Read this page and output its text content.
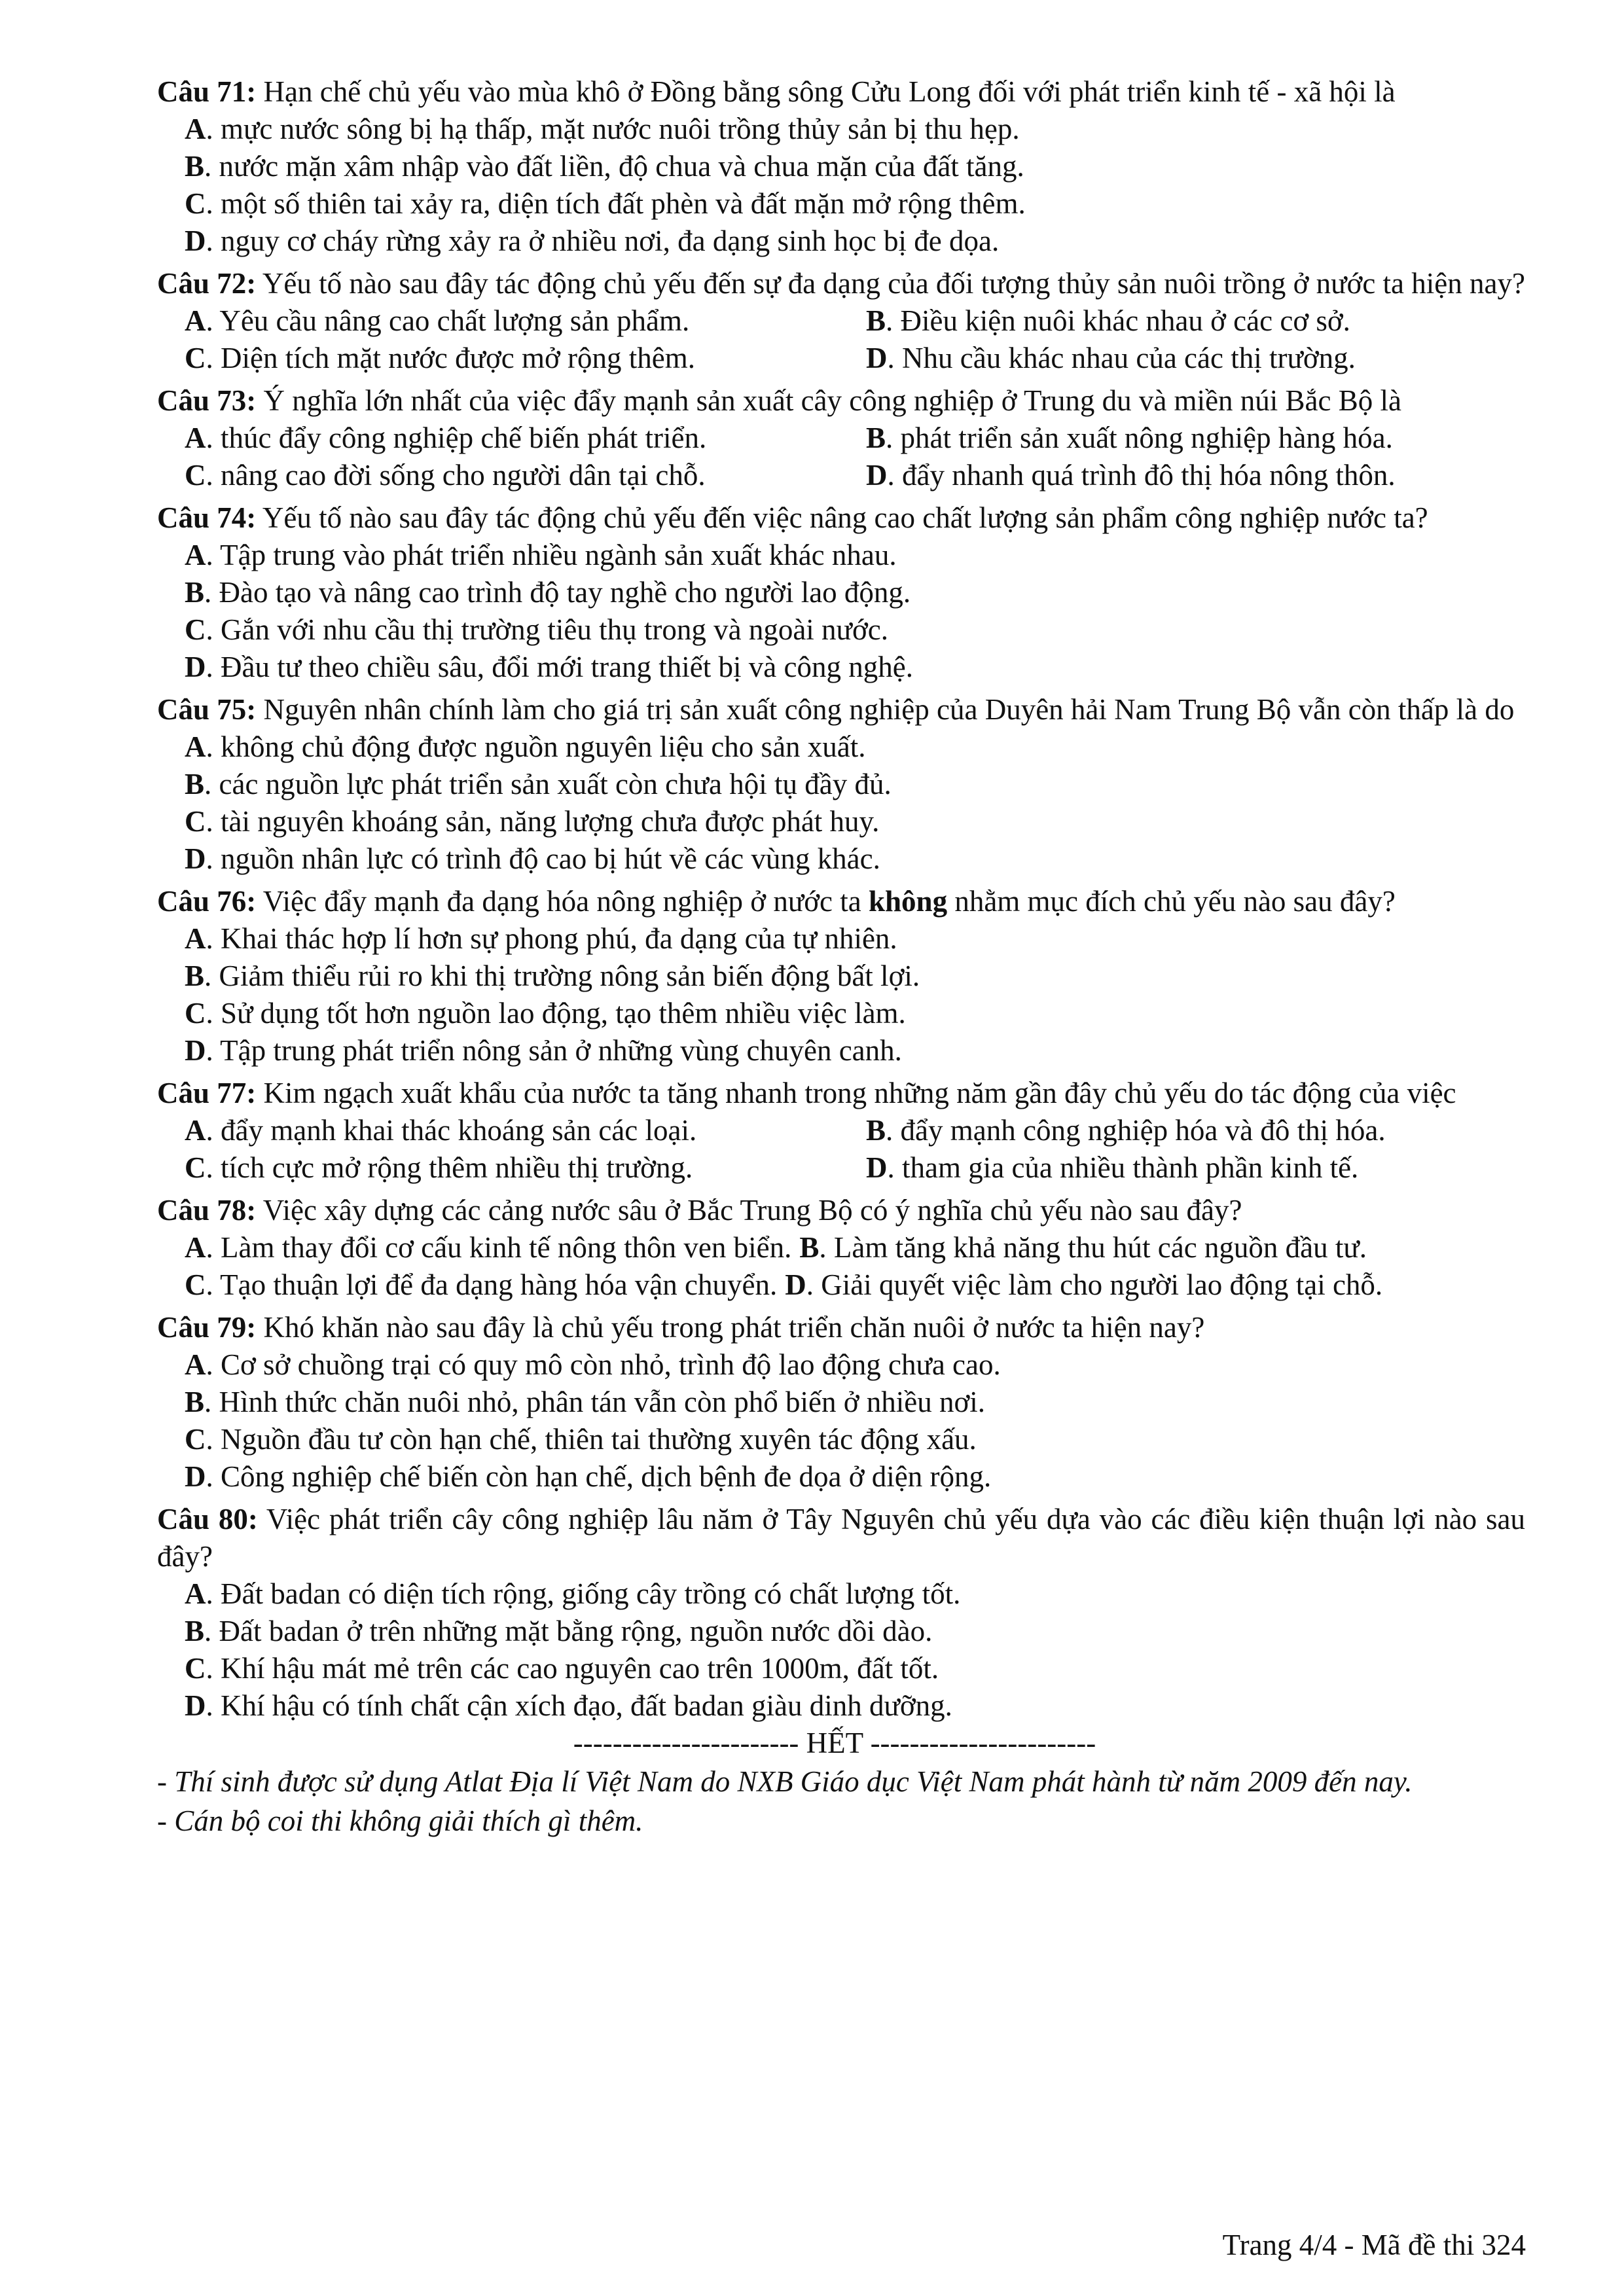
Câu 71: Hạn chế chủ yếu vào mùa khô ở Đồng bằng sông Cửu Long đối với phát triển kinh tế - xã hội là

A. mực nước sông bị hạ thấp, mặt nước nuôi trồng thủy sản bị thu hẹp.

B. nước mặn xâm nhập vào đất liền, độ chua và chua mặn của đất tăng.

C. một số thiên tai xảy ra, diện tích đất phèn và đất mặn mở rộng thêm.

D. nguy cơ cháy rừng xảy ra ở nhiều nơi, đa dạng sinh học bị đe dọa.

Câu 72: Yếu tố nào sau đây tác động chủ yếu đến sự đa dạng của đối tượng thủy sản nuôi trồng ở nước ta hiện nay?

A. Yêu cầu nâng cao chất lượng sản phẩm.	B. Điều kiện nuôi khác nhau ở các cơ sở.
C. Diện tích mặt nước được mở rộng thêm.	D. Nhu cầu khác nhau của các thị trường.

Câu 73: Ý nghĩa lớn nhất của việc đẩy mạnh sản xuất cây công nghiệp ở Trung du và miền núi Bắc Bộ là

A. thúc đẩy công nghiệp chế biến phát triển.	B. phát triển sản xuất nông nghiệp hàng hóa.
C. nâng cao đời sống cho người dân tại chỗ.	D. đẩy nhanh quá trình đô thị hóa nông thôn.

Câu 74: Yếu tố nào sau đây tác động chủ yếu đến việc nâng cao chất lượng sản phẩm công nghiệp nước ta?

A. Tập trung vào phát triển nhiều ngành sản xuất khác nhau.

B. Đào tạo và nâng cao trình độ tay nghề cho người lao động.

C. Gắn với nhu cầu thị trường tiêu thụ trong và ngoài nước.

D. Đầu tư theo chiều sâu, đổi mới trang thiết bị và công nghệ.

Câu 75: Nguyên nhân chính làm cho giá trị sản xuất công nghiệp của Duyên hải Nam Trung Bộ vẫn còn thấp là do

A. không chủ động được nguồn nguyên liệu cho sản xuất.

B. các nguồn lực phát triển sản xuất còn chưa hội tụ đầy đủ.

C. tài nguyên khoáng sản, năng lượng chưa được phát huy.

D. nguồn nhân lực có trình độ cao bị hút về các vùng khác.

Câu 76: Việc đẩy mạnh đa dạng hóa nông nghiệp ở nước ta không nhằm mục đích chủ yếu nào sau đây?

A. Khai thác hợp lí hơn sự phong phú, đa dạng của tự nhiên.

B. Giảm thiểu rủi ro khi thị trường nông sản biến động bất lợi.

C. Sử dụng tốt hơn nguồn lao động, tạo thêm nhiều việc làm.

D. Tập trung phát triển nông sản ở những vùng chuyên canh.

Câu 77: Kim ngạch xuất khẩu của nước ta tăng nhanh trong những năm gần đây chủ yếu do tác động của việc

A. đẩy mạnh khai thác khoáng sản các loại.	B. đẩy mạnh công nghiệp hóa và đô thị hóa.
C. tích cực mở rộng thêm nhiều thị trường.	D. tham gia của nhiều thành phần kinh tế.

Câu 78: Việc xây dựng các cảng nước sâu ở Bắc Trung Bộ có ý nghĩa chủ yếu nào sau đây?

A. Làm thay đổi cơ cấu kinh tế nông thôn ven biển. B. Làm tăng khả năng thu hút các nguồn đầu tư.
C. Tạo thuận lợi để đa dạng hàng hóa vận chuyển. D. Giải quyết việc làm cho người lao động tại chỗ.

Câu 79: Khó khăn nào sau đây là chủ yếu trong phát triển chăn nuôi ở nước ta hiện nay?

A. Cơ sở chuồng trại có quy mô còn nhỏ, trình độ lao động chưa cao.

B. Hình thức chăn nuôi nhỏ, phân tán vẫn còn phổ biến ở nhiều nơi.

C. Nguồn đầu tư còn hạn chế, thiên tai thường xuyên tác động xấu.

D. Công nghiệp chế biến còn hạn chế, dịch bệnh đe dọa ở diện rộng.

Câu 80: Việc phát triển cây công nghiệp lâu năm ở Tây Nguyên chủ yếu dựa vào các điều kiện thuận lợi nào sau đây?

A. Đất badan có diện tích rộng, giống cây trồng có chất lượng tốt.

B. Đất badan ở trên những mặt bằng rộng, nguồn nước dồi dào.

C. Khí hậu mát mẻ trên các cao nguyên cao trên 1000m, đất tốt.

D. Khí hậu có tính chất cận xích đạo, đất badan giàu dinh dưỡng.

----------------------- HẾT -----------------------

- Thí sinh được sử dụng Atlat Địa lí Việt Nam do NXB Giáo dục Việt Nam phát hành từ năm 2009 đến nay.

- Cán bộ coi thi không giải thích gì thêm.

Trang 4/4 - Mã đề thi 324
